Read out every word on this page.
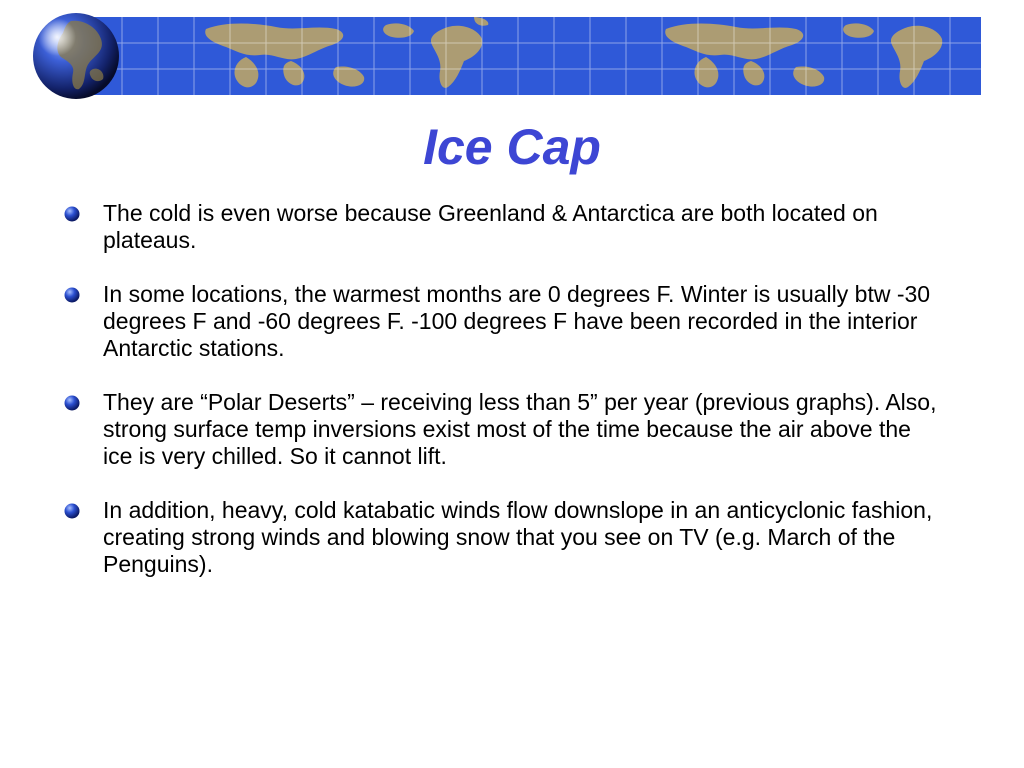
Ice Cap
The cold is even worse because Greenland & Antarctica are both located on plateaus.
In some locations, the warmest months are 0 degrees F. Winter is usually btw -30 degrees F and -60 degrees F. -100 degrees F have been recorded in the interior Antarctic stations.
They are “Polar Deserts” – receiving less than 5” per year (previous graphs). Also, strong surface temp inversions exist most of the time because the air above the ice is very chilled. So it cannot lift.
In addition, heavy, cold katabatic winds flow downslope in an anticyclonic fashion, creating strong winds and blowing snow that you see on TV (e.g. March of the Penguins).
